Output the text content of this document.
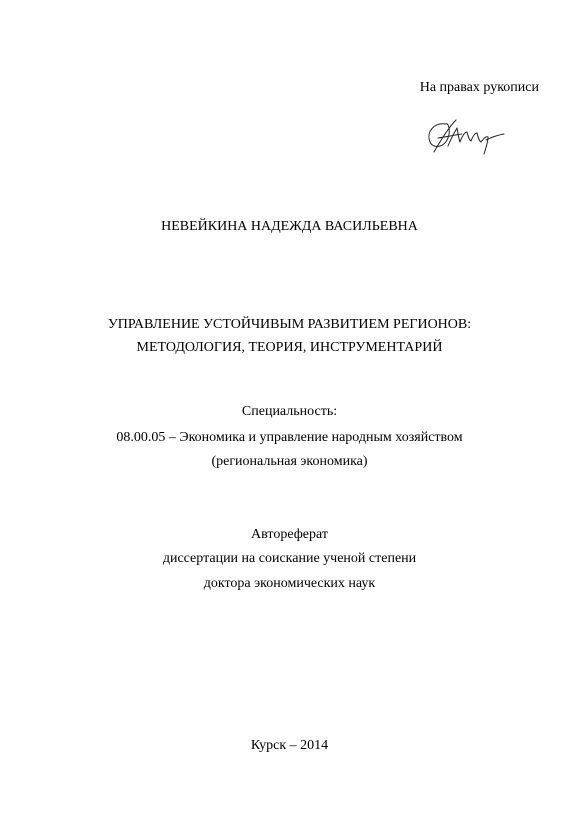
На правах рукописи
НЕВЕЙКИНА НАДЕЖДА ВАСИЛЬЕВНА
УПРАВЛЕНИЕ УСТОЙЧИВЫМ РАЗВИТИЕМ РЕГИОНОВ:
МЕТОДОЛОГИЯ, ТЕОРИЯ, ИНСТРУМЕНТАРИЙ
Специальность:
08.00.05 – Экономика и управление народным хозяйством
(региональная экономика)
Автореферат
диссертации на соискание ученой степени
доктора экономических наук
Курск – 2014
